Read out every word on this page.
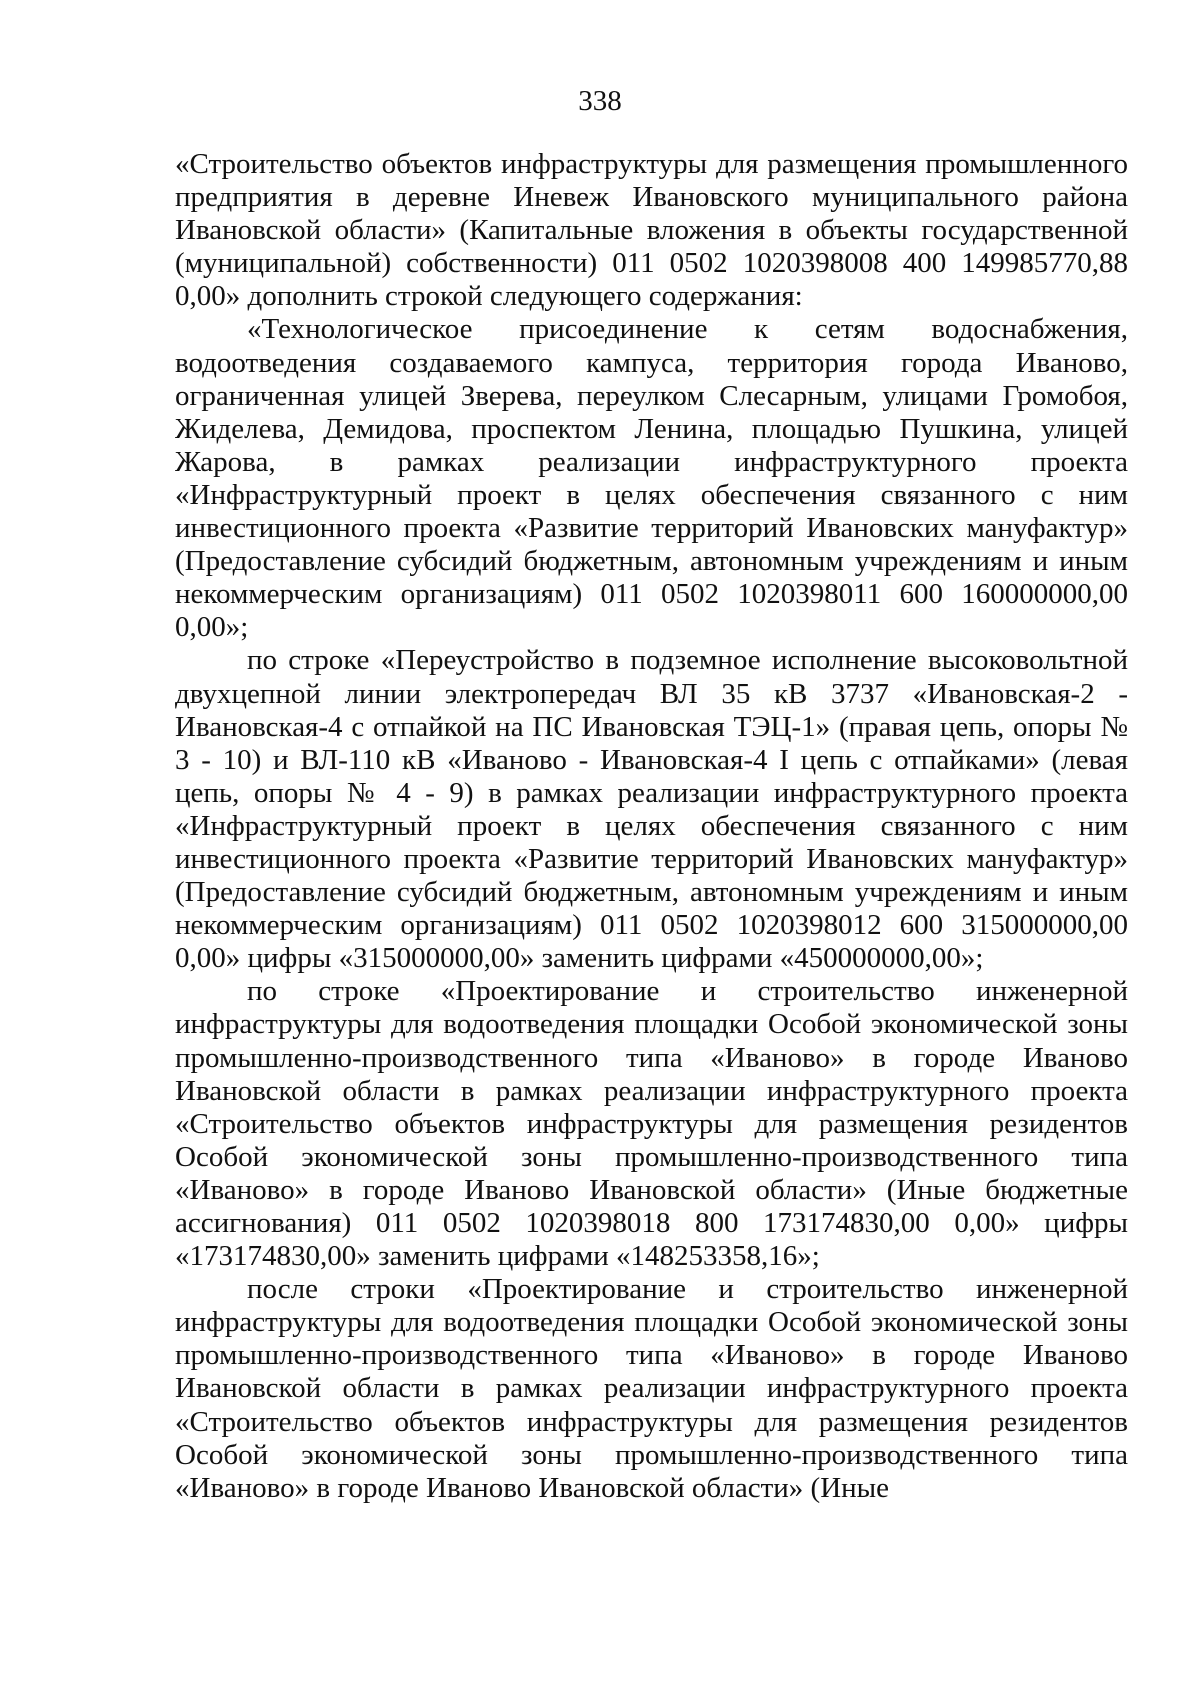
338

«Строительство объектов инфраструктуры для размещения промышленного предприятия в деревне Иневеж Ивановского муниципального района Ивановской области» (Капитальные вложения в объекты государственной (муниципальной) собственности) 011 0502 1020398008 400 149985770,88 0,00» дополнить строкой следующего содержания:

«Технологическое присоединение к сетям водоснабжения, водоотведения создаваемого кампуса, территория города Иваново, ограниченная улицей Зверева, переулком Слесарным, улицами Громобоя, Жиделева, Демидова, проспектом Ленина, площадью Пушкина, улицей Жарова, в рамках реализации инфраструктурного проекта «Инфраструктурный проект в целях обеспечения связанного с ним инвестиционного проекта «Развитие территорий Ивановских мануфактур» (Предоставление субсидий бюджетным, автономным учреждениям и иным некоммерческим организациям) 011 0502 1020398011 600 160000000,00 0,00»;

по строке «Переустройство в подземное исполнение высоковольтной двухцепной линии электропередач ВЛ 35 кВ 3737 «Ивановская-2 - Ивановская-4 с отпайкой на ПС Ивановская ТЭЦ-1» (правая цепь, опоры № 3 - 10) и ВЛ-110 кВ «Иваново - Ивановская-4 I цепь с отпайками» (левая цепь, опоры № 4 - 9) в рамках реализации инфраструктурного проекта «Инфраструктурный проект в целях обеспечения связанного с ним инвестиционного проекта «Развитие территорий Ивановских мануфактур» (Предоставление субсидий бюджетным, автономным учреждениям и иным некоммерческим организациям) 011 0502 1020398012 600 315000000,00 0,00» цифры «315000000,00» заменить цифрами «450000000,00»;

по строке «Проектирование и строительство инженерной инфраструктуры для водоотведения площадки Особой экономической зоны промышленно-производственного типа «Иваново» в городе Иваново Ивановской области в рамках реализации инфраструктурного проекта «Строительство объектов инфраструктуры для размещения резидентов Особой экономической зоны промышленно-производственного типа «Иваново» в городе Иваново Ивановской области» (Иные бюджетные ассигнования) 011 0502 1020398018 800 173174830,00 0,00» цифры «173174830,00» заменить цифрами «148253358,16»;

после строки «Проектирование и строительство инженерной инфраструктуры для водоотведения площадки Особой экономической зоны промышленно-производственного типа «Иваново» в городе Иваново Ивановской области в рамках реализации инфраструктурного проекта «Строительство объектов инфраструктуры для размещения резидентов Особой экономической зоны промышленно-производственного типа «Иваново» в городе Иваново Ивановской области» (Иные
